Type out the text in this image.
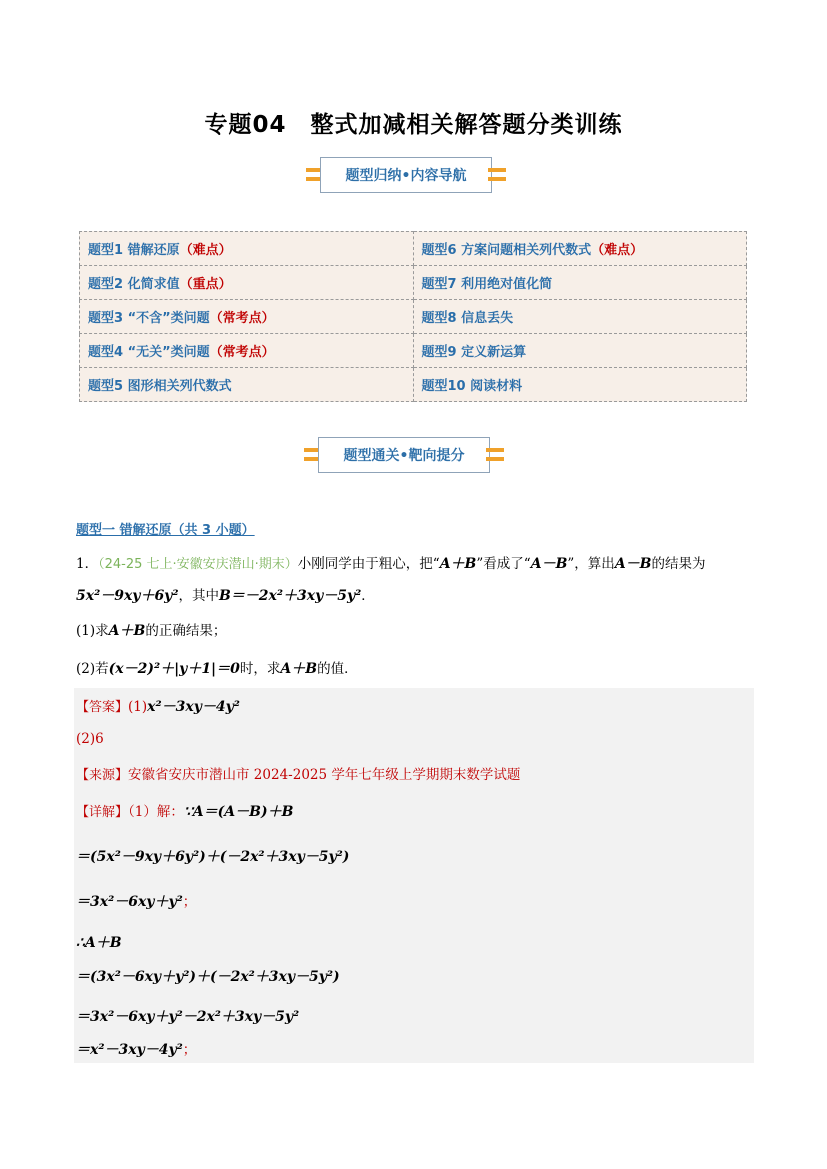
专题04　整式加减相关解答题分类训练
题型归纳•内容导航
题型1 错解还原（难点）	题型6 方案问题相关列代数式（难点）
题型2 化简求值（重点）	题型7 利用绝对值化简
题型3 “不含”类问题（常考点）	题型8 信息丢失
题型4 “无关”类问题（常考点）	题型9 定义新运算
题型5 图形相关列代数式	题型10 阅读材料
题型通关•靶向提分
题型一 错解还原（共 3 小题）
1．（24-25 七上·安徽安庆潜山·期末）小刚同学由于粗心，把“A＋B”看成了“A－B”，算出A－B的结果为
5x²－9xy＋6y²，其中B＝－2x²＋3xy－5y²．
(1)求A＋B的正确结果；
(2)若(x－2)²＋|y＋1|＝0时，求A＋B的值．
【答案】(1)x²－3xy－4y²
(2)6
【来源】安徽省安庆市潜山市 2024-2025 学年七年级上学期期末数学试题
【详解】（1）解：∵A＝(A－B)＋B
＝(5x²－9xy＋6y²)＋(－2x²＋3xy－5y²)
＝3x²－6xy＋y²；
∴A＋B
＝(3x²－6xy＋y²)＋(－2x²＋3xy－5y²)
＝3x²－6xy＋y²－2x²＋3xy－5y²
＝x²－3xy－4y²；
